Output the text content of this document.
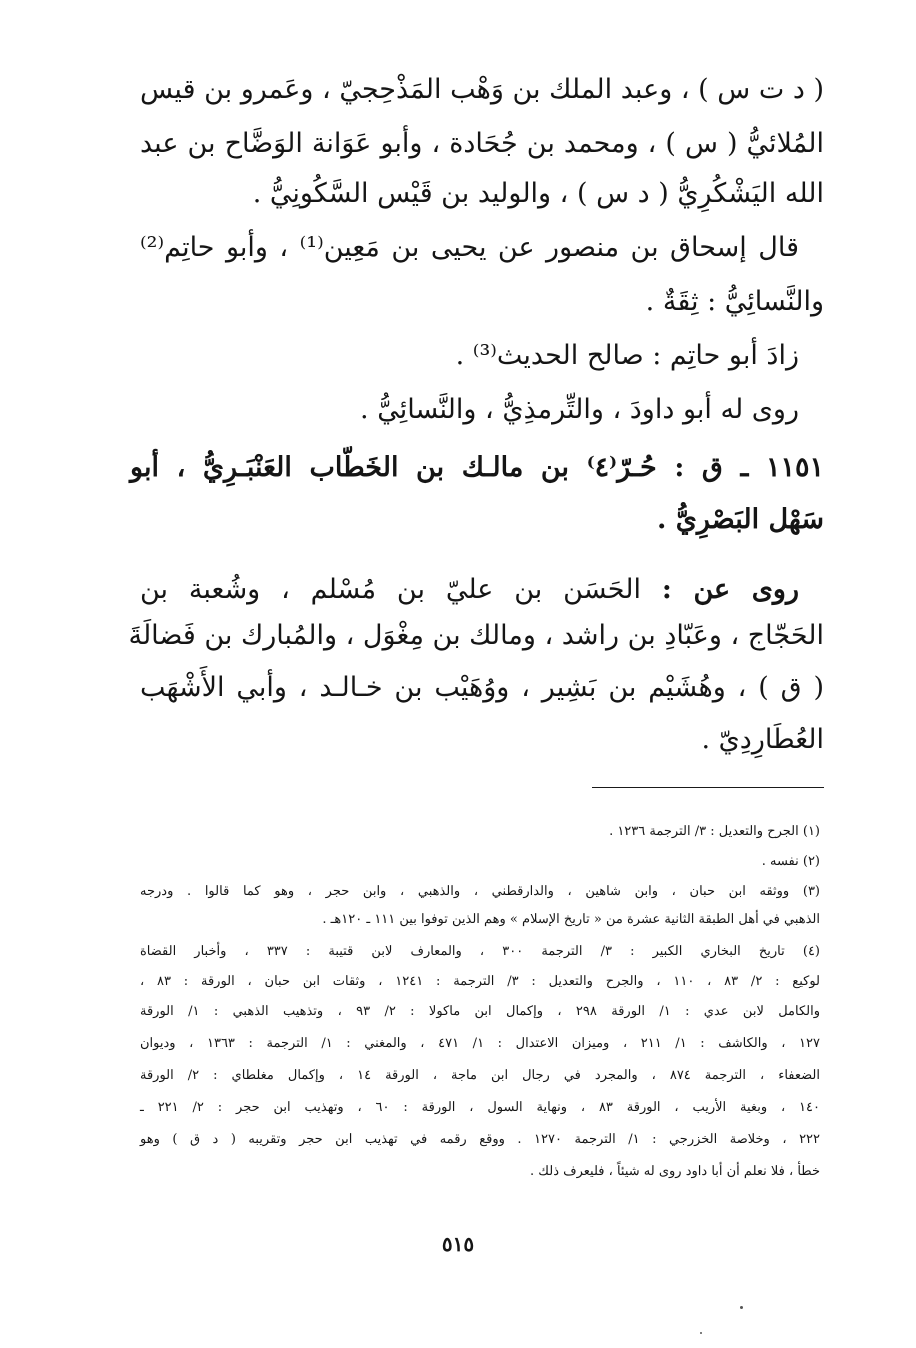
( د ت س ) ، وعبد الملك بن وَهْب المَذْحِجيّ ، وعَمرو بن قيس

المُلائيُّ ( س ) ، ومحمد بن جُحَادة ، وأبو عَوَانة الوَضَّاح بن عبد

الله اليَشْكُرِيُّ ( د س ) ، والوليد بن قَيْس السَّكُونِيُّ .

قال إسحاق بن منصور عن يحيى بن مَعِين⁽¹⁾ ، وأبو حاتِم⁽²⁾

والنَّسائِيُّ : ثِقَةٌ .

زادَ أبو حاتِم : صالح الحديث⁽³⁾ .

روى له أبو داودَ ، والتِّرمذِيُّ ، والنَّسائِيُّ .

١١٥١ ـ ق : حُـرّ⁽٤⁾ بن مالـك بن الخَطّاب العَنْبَـرِيُّ ، أبو

سَهْل البَصْرِيُّ .

روى عن : الحَسَن بن عليّ بن مُسْلم ، وشُعبة بن

الحَجّاج ، وعَبّادِ بن راشد ، ومالك بن مِغْوَل ، والمُبارك بن فَضالَةَ

( ق ) ، وهُشَيْم بن بَشِير ، ووُهَيْب بن خـالـد ، وأبي الأَشْهَب

العُطَارِدِيّ .

(١) الجرح والتعديل : ٣/ الترجمة ١٢٣٦ .

(٢) نفسه .

(٣) ووثقه ابن حبان ، وابن شاهين ، والدارقطني ، والذهبي ، وابن حجر ، وهو كما قالوا . ودرجه

الذهبي في أهل الطبقة الثانية عشرة من « تاريخ الإسلام » وهم الذين توفوا بين ١١١ ـ ١٢٠هـ .

(٤) تاريخ البخاري الكبير : ٣/ الترجمة ٣٠٠ ، والمعارف لابن قتيبة : ٣٣٧ ، وأخبار القضاة

لوكيع : ٢/ ٨٣ ، ١١٠ ، والجرح والتعديل : ٣/ الترجمة : ١٢٤١ ، وثقات ابن حبان ، الورقة : ٨٣ ،

والكامل لابن عدي : ١/ الورقة ٢٩٨ ، وإكمال ابن ماكولا : ٢/ ٩٣ ، وتذهيب الذهبي : ١/ الورقة

١٢٧ ، والكاشف : ١/ ٢١١ ، وميزان الاعتدال : ١/ ٤٧١ ، والمغني : ١/ الترجمة : ١٣٦٣ ، وديوان

الضعفاء ، الترجمة ٨٧٤ ، والمجرد في رجال ابن ماجة ، الورقة ١٤ ، وإكمال مغلطاي : ٢/ الورقة

١٤٠ ، وبغية الأريب ، الورقة ٨٣ ، ونهاية السول ، الورقة : ٦٠ ، وتهذيب ابن حجر : ٢/ ٢٢١ ـ

٢٢٢ ، وخلاصة الخزرجي : ١/ الترجمة ١٢٧٠ . ووقع رقمه في تهذيب ابن حجر وتقريبه ( د ق ) وهو

خطأ ، فلا نعلم أن أبا داود روى له شيئاً ، فليعرف ذلك .

٥١٥
